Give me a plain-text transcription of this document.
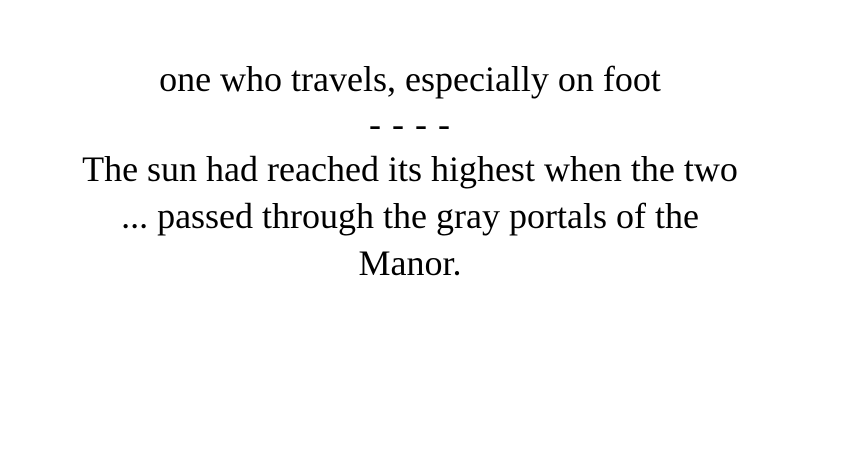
one who travels, especially on foot
- - - -
The sun had reached its highest when the two
... passed through the gray portals of the
Manor.
